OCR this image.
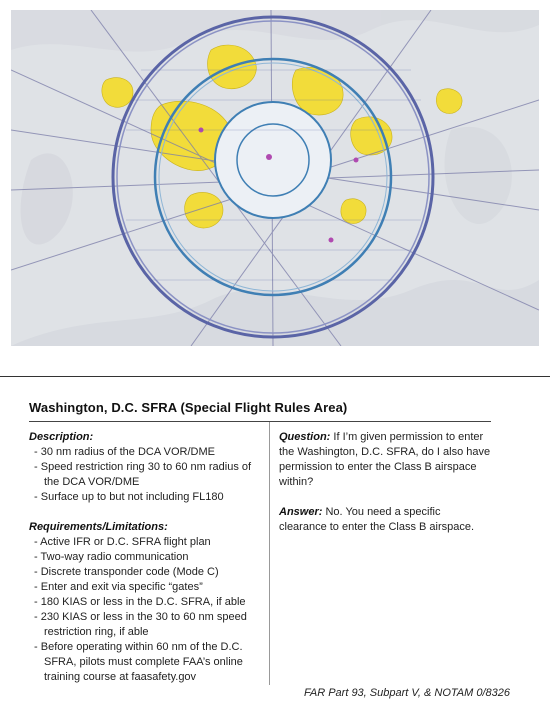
Washington, D.C. SFRA (Special Flight Rules Area)
Description:
- 30 nm radius of the DCA VOR/DME
- Speed restriction ring 30 to 60 nm radius of the DCA VOR/DME
- Surface up to but not including FL180
Requirements/Limitations:
- Active IFR or D.C. SFRA flight plan
- Two-way radio communication
- Discrete transponder code (Mode C)
- Enter and exit via specific “gates”
- 180 KIAS or less in the D.C. SFRA, if able
- 230 KIAS or less in the 30 to 60 nm speed restriction ring, if able
- Before operating within 60 nm of the D.C. SFRA, pilots must complete FAA’s online training course at faasafety.gov
Question: If I’m given permission to enter the Washington, D.C. SFRA, do I also have permission to enter the Class B airspace within?
Answer: No. You need a specific clearance to enter the Class B airspace.
FAR Part 93, Subpart V, & NOTAM 0/8326
